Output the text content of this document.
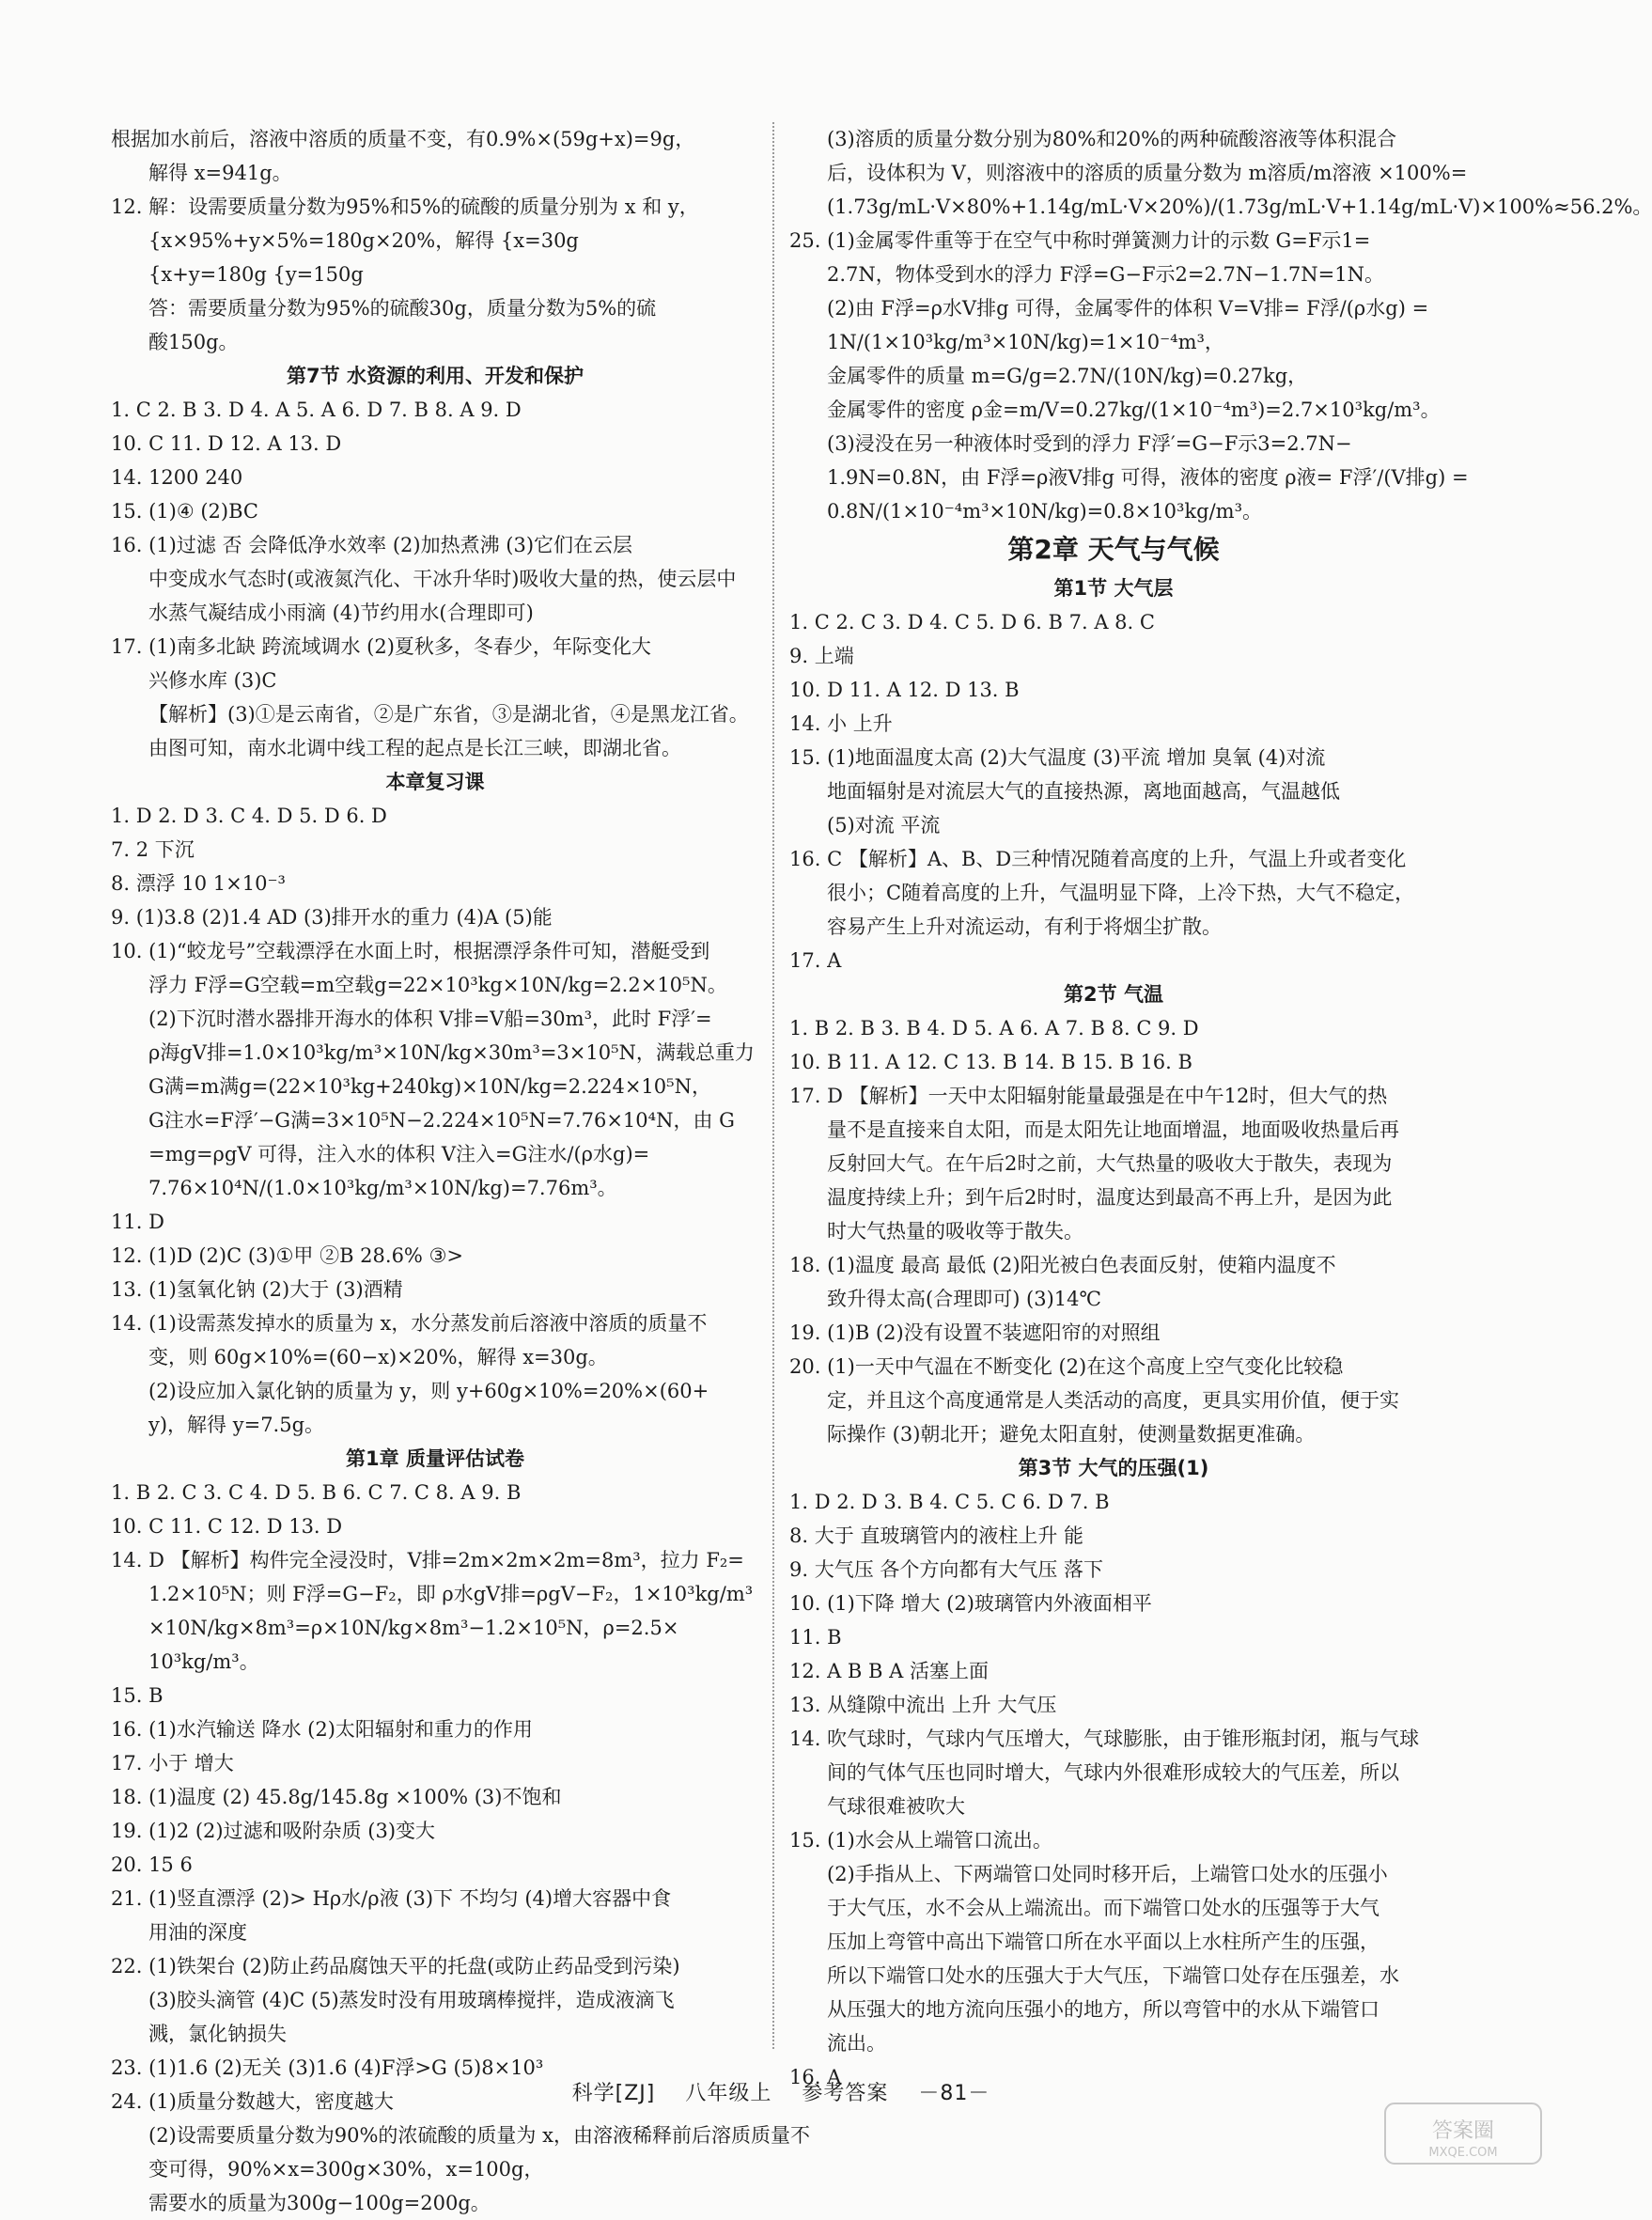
根据加水前后，溶液中溶质的质量不变，有0.9%×(59g+x)=9g，
解得 x=941g。
12. 解：设需要质量分数为95%和5%的硫酸的质量分别为 x 和 y，
{x×95%+y×5%=180g×20%，解得 {x=30g
{x+y=180g {y=150g
答：需要质量分数为95%的硫酸30g，质量分数为5%的硫
酸150g。
第7节 水资源的利用、开发和保护
1. C 2. B 3. D 4. A 5. A 6. D 7. B 8. A 9. D
10. C 11. D 12. A 13. D
14. 1200 240
15. (1)④ (2)BC
16. (1)过滤 否 会降低净水效率 (2)加热煮沸 (3)它们在云层
中变成水气态时(或液氮汽化、干冰升华时)吸收大量的热，使云层中
水蒸气凝结成小雨滴 (4)节约用水(合理即可)
17. (1)南多北缺 跨流域调水 (2)夏秋多，冬春少，年际变化大
兴修水库 (3)C
【解析】(3)①是云南省，②是广东省，③是湖北省，④是黑龙江省。
由图可知，南水北调中线工程的起点是长江三峡，即湖北省。
本章复习课
1. D 2. D 3. C 4. D 5. D 6. D
7. 2 下沉
8. 漂浮 10 1×10⁻³
9. (1)3.8 (2)1.4 AD (3)排开水的重力 (4)A (5)能
10. (1)“蛟龙号”空载漂浮在水面上时，根据漂浮条件可知，潜艇受到
浮力 F浮=G空载=m空载g=22×10³kg×10N/kg=2.2×10⁵N。
(2)下沉时潜水器排开海水的体积 V排=V船=30m³，此时 F浮′=
ρ海gV排=1.0×10³kg/m³×10N/kg×30m³=3×10⁵N，满载总重力
G满=m满g=(22×10³kg+240kg)×10N/kg=2.224×10⁵N，
G注水=F浮′−G满=3×10⁵N−2.224×10⁵N=7.76×10⁴N，由 G
=mg=ρgV 可得，注入水的体积 V注入=G注水/(ρ水g)=
7.76×10⁴N/(1.0×10³kg/m³×10N/kg)=7.76m³。
11. D
12. (1)D (2)C (3)①甲 ②B 28.6% ③>
13. (1)氢氧化钠 (2)大于 (3)酒精
14. (1)设需蒸发掉水的质量为 x，水分蒸发前后溶液中溶质的质量不
变，则 60g×10%=(60−x)×20%，解得 x=30g。
(2)设应加入氯化钠的质量为 y，则 y+60g×10%=20%×(60+
y)，解得 y=7.5g。
第1章 质量评估试卷
1. B 2. C 3. C 4. D 5. B 6. C 7. C 8. A 9. B
10. C 11. C 12. D 13. D
14. D 【解析】构件完全浸没时，V排=2m×2m×2m=8m³，拉力 F₂=
1.2×10⁵N；则 F浮=G−F₂，即 ρ水gV排=ρgV−F₂，1×10³kg/m³
×10N/kg×8m³=ρ×10N/kg×8m³−1.2×10⁵N，ρ=2.5×
10³kg/m³。
15. B
16. (1)水汽输送 降水 (2)太阳辐射和重力的作用
17. 小于 增大
18. (1)温度 (2) 45.8g/145.8g ×100% (3)不饱和
19. (1)2 (2)过滤和吸附杂质 (3)变大
20. 15 6
21. (1)竖直漂浮 (2)> Hρ水/ρ液 (3)下 不均匀 (4)增大容器中食
用油的深度
22. (1)铁架台 (2)防止药品腐蚀天平的托盘(或防止药品受到污染)
(3)胶头滴管 (4)C (5)蒸发时没有用玻璃棒搅拌，造成液滴飞
溅，氯化钠损失
23. (1)1.6 (2)无关 (3)1.6 (4)F浮>G (5)8×10³
24. (1)质量分数越大，密度越大
(2)设需要质量分数为90%的浓硫酸的质量为 x，由溶液稀释前后溶质质量不
变可得，90%×x=300g×30%，x=100g，
需要水的质量为300g−100g=200g。
(3)溶质的质量分数分别为80%和20%的两种硫酸溶液等体积混合
后，设体积为 V，则溶液中的溶质的质量分数为 m溶质/m溶液 ×100%=
(1.73g/mL·V×80%+1.14g/mL·V×20%)/(1.73g/mL·V+1.14g/mL·V)×100%≈56.2%。
25. (1)金属零件重等于在空气中称时弹簧测力计的示数 G=F示1=
2.7N，物体受到水的浮力 F浮=G−F示2=2.7N−1.7N=1N。
(2)由 F浮=ρ水V排g 可得，金属零件的体积 V=V排= F浮/(ρ水g) =
1N/(1×10³kg/m³×10N/kg)=1×10⁻⁴m³，
金属零件的质量 m=G/g=2.7N/(10N/kg)=0.27kg，
金属零件的密度 ρ金=m/V=0.27kg/(1×10⁻⁴m³)=2.7×10³kg/m³。
(3)浸没在另一种液体时受到的浮力 F浮′=G−F示3=2.7N−
1.9N=0.8N，由 F浮=ρ液V排g 可得，液体的密度 ρ液= F浮′/(V排g) =
0.8N/(1×10⁻⁴m³×10N/kg)=0.8×10³kg/m³。
第2章 天气与气候
第1节 大气层
1. C 2. C 3. D 4. C 5. D 6. B 7. A 8. C
9. 上端
10. D 11. A 12. D 13. B
14. 小 上升
15. (1)地面温度太高 (2)大气温度 (3)平流 增加 臭氧 (4)对流
地面辐射是对流层大气的直接热源，离地面越高，气温越低
(5)对流 平流
16. C 【解析】A、B、D三种情况随着高度的上升，气温上升或者变化
很小；C随着高度的上升，气温明显下降，上冷下热，大气不稳定，
容易产生上升对流运动，有利于将烟尘扩散。
17. A
第2节 气温
1. B 2. B 3. B 4. D 5. A 6. A 7. B 8. C 9. D
10. B 11. A 12. C 13. B 14. B 15. B 16. B
17. D 【解析】一天中太阳辐射能量最强是在中午12时，但大气的热
量不是直接来自太阳，而是太阳先让地面增温，地面吸收热量后再
反射回大气。在午后2时之前，大气热量的吸收大于散失，表现为
温度持续上升；到午后2时时，温度达到最高不再上升，是因为此
时大气热量的吸收等于散失。
18. (1)温度 最高 最低 (2)阳光被白色表面反射，使箱内温度不
致升得太高(合理即可) (3)14℃
19. (1)B (2)没有设置不装遮阳帘的对照组
20. (1)一天中气温在不断变化 (2)在这个高度上空气变化比较稳
定，并且这个高度通常是人类活动的高度，更具实用价值，便于实
际操作 (3)朝北开；避免太阳直射，使测量数据更准确。
第3节 大气的压强(1)
1. D 2. D 3. B 4. C 5. C 6. D 7. B
8. 大于 直玻璃管内的液柱上升 能
9. 大气压 各个方向都有大气压 落下
10. (1)下降 增大 (2)玻璃管内外液面相平
11. B
12. A B B A 活塞上面
13. 从缝隙中流出 上升 大气压
14. 吹气球时，气球内气压增大，气球膨胀，由于锥形瓶封闭，瓶与气球
间的气体气压也同时增大，气球内外很难形成较大的气压差，所以
气球很难被吹大
15. (1)水会从上端管口流出。
(2)手指从上、下两端管口处同时移开后，上端管口处水的压强小
于大气压，水不会从上端流出。而下端管口处水的压强等于大气
压加上弯管中高出下端管口所在水平面以上水柱所产生的压强，
所以下端管口处水的压强大于大气压，下端管口处存在压强差，水
从压强大的地方流向压强小的地方，所以弯管中的水从下端管口
流出。
16. A
科学[ZJ] 八年级上 参考答案 －81－
答案圈
MXQE.COM
